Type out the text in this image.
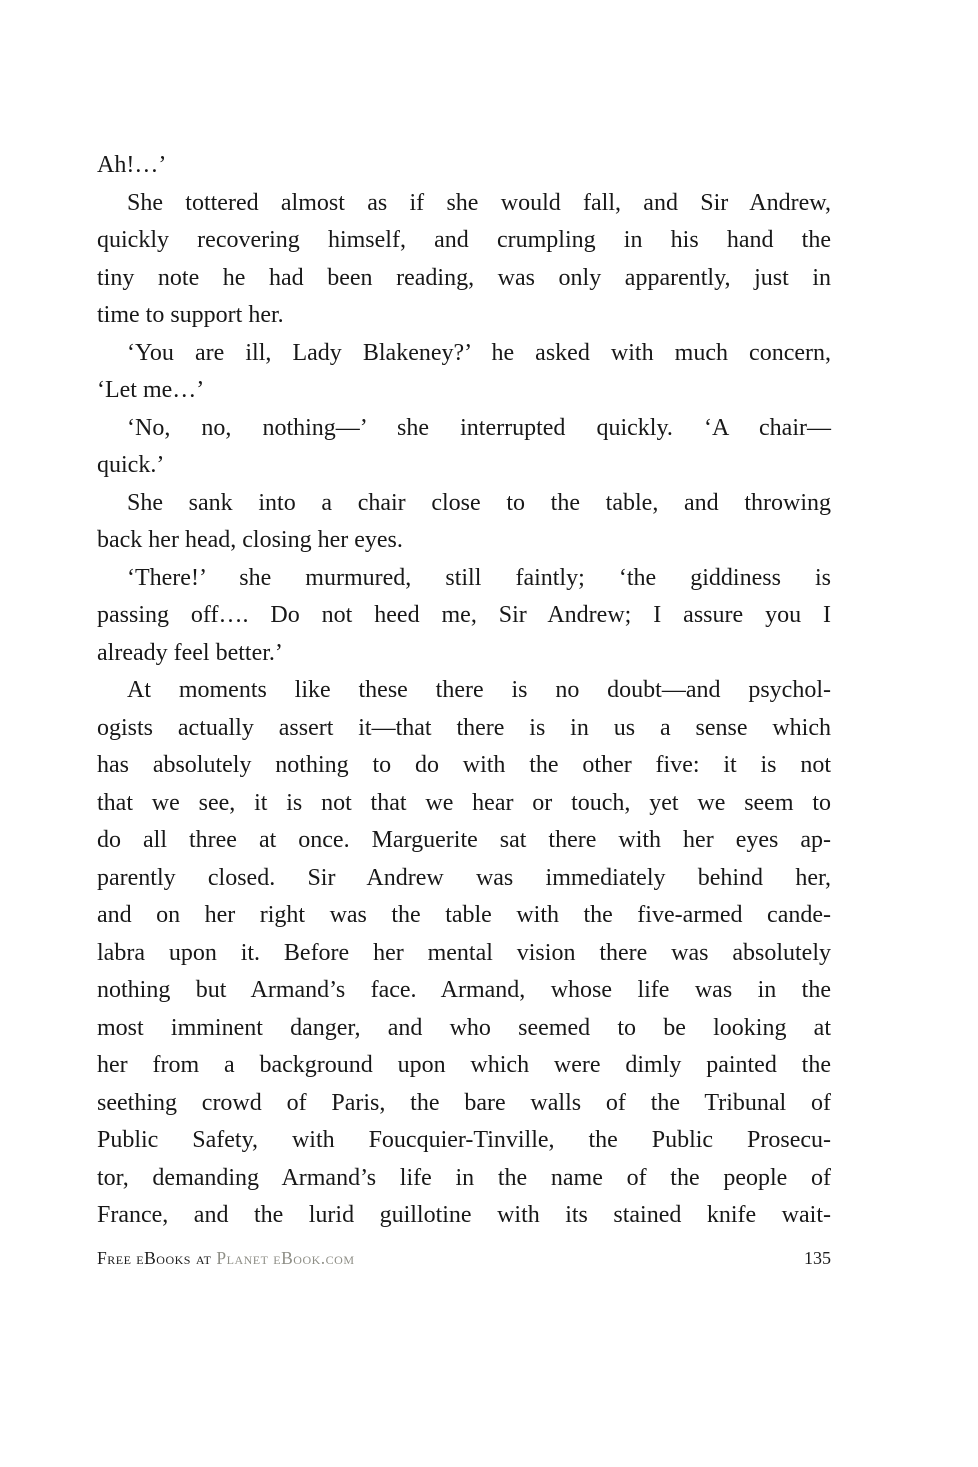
Ah!…’
She tottered almost as if she would fall, and Sir Andrew,
quickly recovering himself, and crumpling in his hand the
tiny note he had been reading, was only apparently, just in
time to support her.
‘You are ill, Lady Blakeney?’ he asked with much concern,
‘Let me…’
‘No, no, nothing—’ she interrupted quickly. ‘A chair—
quick.’
She sank into a chair close to the table, and throwing
back her head, closing her eyes.
‘There!’ she murmured, still faintly; ‘the giddiness is
passing off…. Do not heed me, Sir Andrew; I assure you I
already feel better.’
At moments like these there is no doubt—and psychol-
ogists actually assert it—that there is in us a sense which
has absolutely nothing to do with the other five: it is not
that we see, it is not that we hear or touch, yet we seem to
do all three at once. Marguerite sat there with her eyes ap-
parently closed. Sir Andrew was immediately behind her,
and on her right was the table with the five-armed cande-
labra upon it. Before her mental vision there was absolutely
nothing but Armand’s face. Armand, whose life was in the
most imminent danger, and who seemed to be looking at
her from a background upon which were dimly painted the
seething crowd of Paris, the bare walls of the Tribunal of
Public Safety, with Foucquier-Tinville, the Public Prosecu-
tor, demanding Armand’s life in the name of the people of
France, and the lurid guillotine with its stained knife wait-
Free eBooks at Planet eBook.com	135
